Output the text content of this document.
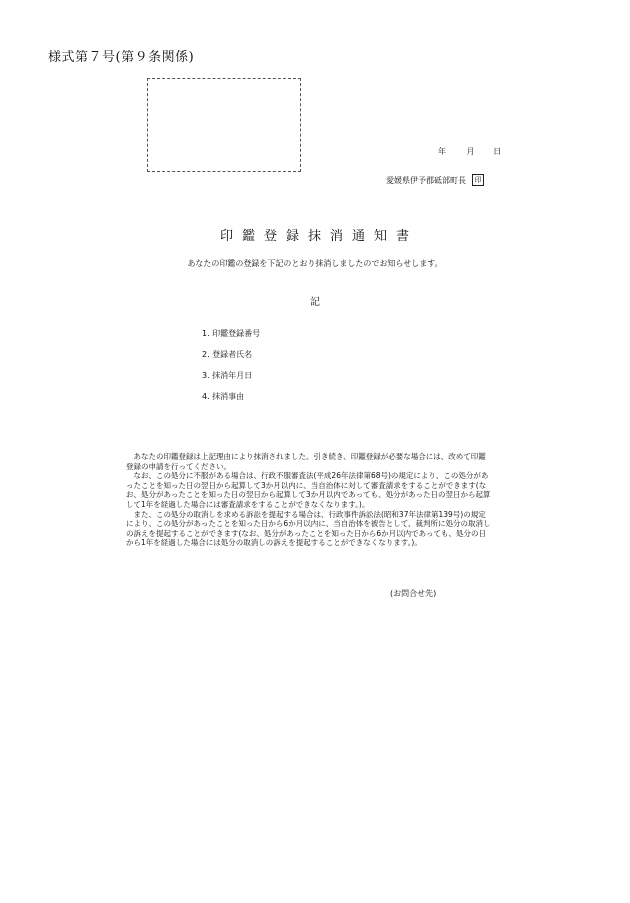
様式第７号(第９条関係)
年	月 日
愛媛県伊予郡砥部町長	印
印鑑登録抹消通知書
あなたの印鑑の登録を下記のとおり抹消しましたのでお知らせします。
記
1. 印鑑登録番号
2. 登録者氏名
3. 抹消年月日
4. 抹消事由

　あなたの印鑑登録は上記理由により抹消されました。引き続き、印鑑登録が必要な場合には、改めて印鑑登録の申請を行ってください。

　なお、この処分に不服がある場合は、行政不服審査法(平成26年法律第68号)の規定により、この処分があったことを知った日の翌日から起算して3か月以内に、当自治体に対して審査請求をすることができます(なお、処分があったことを知った日の翌日から起算して3か月以内であっても、処分があった日の翌日から起算して1年を経過した場合には審査請求をすることができなくなります。)。

　また、この処分の取消しを求める訴訟を提起する場合は、行政事件訴訟法(昭和37年法律第139号)の規定により、この処分があったことを知った日から6か月以内に、当自治体を被告として、裁判所に処分の取消しの訴えを提起することができます(なお、処分があったことを知った日から6か月以内であっても、処分の日から1年を経過した場合には処分の取消しの訴えを提起することができなくなります。)。

(お問合せ先)
